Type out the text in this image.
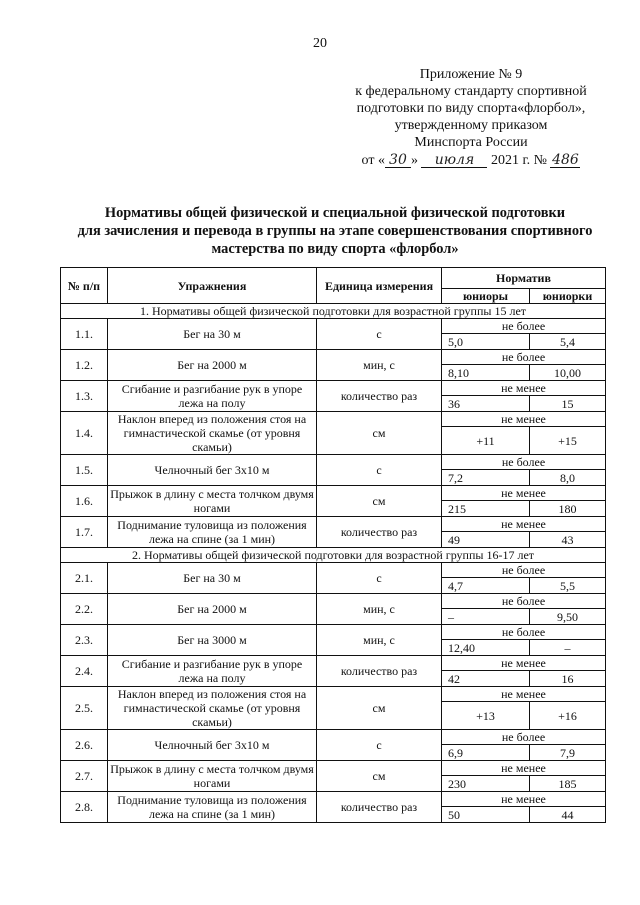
20
Приложение № 9
к федеральному стандарту спортивной
подготовки по виду спорта«флорбол»,
утвержденному приказом
Минспорта России
от « 30 » июля 2021 г. № 486
Нормативы общей физической и специальной физической подготовки
для зачисления и перевода в группы на этапе совершенствования спортивного
мастерства по виду спорта «флорбол»
№ п/п	Упражнения	Единица измерения	Норматив	
			юниоры	юниорки
1. Нормативы общей физической подготовки для возрастной группы 15 лет				
1.1.	Бег на 30 м	с	не более	
			5,0	5,4
1.2.	Бег на 2000 м	мин, с	не более	
			8,10	10,00
1.3.	Сгибание и разгибание рук в упоре лежа на полу	количество раз	не менее	
			36	15
1.4.	Наклон вперед из положения стоя на гимнастической скамье (от уровня скамьи)	см	не менее	
			+11	+15
1.5.	Челночный бег 3х10 м	с	не более	
			7,2	8,0
1.6.	Прыжок в длину с места толчком двумя ногами	см	не менее	
			215	180
1.7.	Поднимание туловища из положения лежа на спине (за 1 мин)	количество раз	не менее	
			49	43
2. Нормативы общей физической подготовки для возрастной группы 16-17 лет				
2.1.	Бег на 30 м	с	не более	
			4,7	5,5
2.2.	Бег на 2000 м	мин, с	не более	
			–	9,50
2.3.	Бег на 3000 м	мин, с	не более	
			12,40	–
2.4.	Сгибание и разгибание рук в упоре лежа на полу	количество раз	не менее	
			42	16
2.5.	Наклон вперед из положения стоя на гимнастической скамье (от уровня скамьи)	см	не менее	
			+13	+16
2.6.	Челночный бег 3х10 м	с	не более	
			6,9	7,9
2.7.	Прыжок в длину с места толчком двумя ногами	см	не менее	
			230	185
2.8.	Поднимание туловища из положения лежа на спине (за 1 мин)	количество раз	не менее	
			50	44
